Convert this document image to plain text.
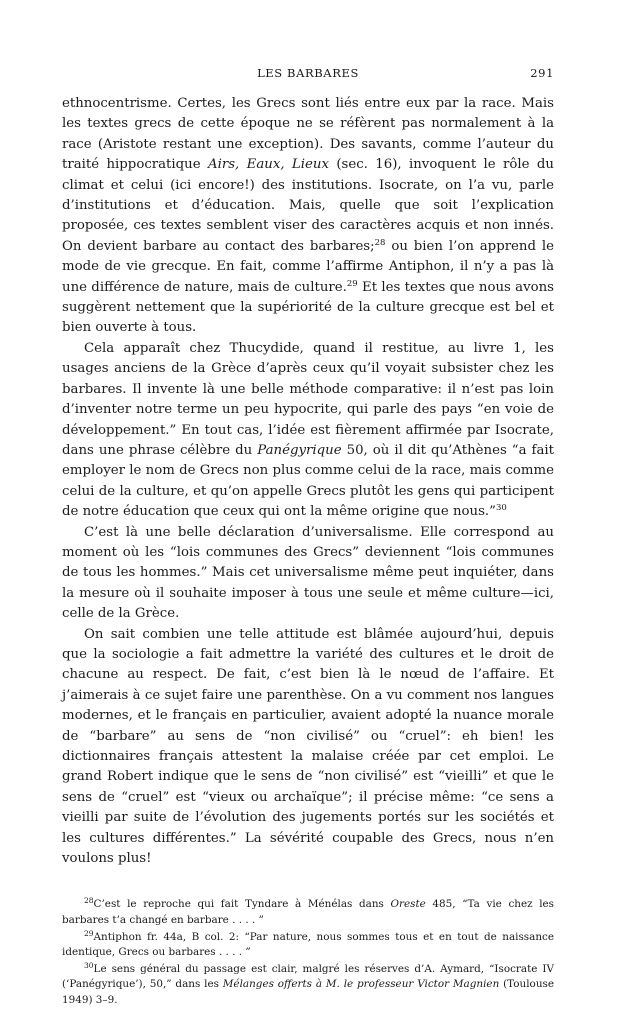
LES BARBARES	291

ethnocentrisme. Certes, les Grecs sont liés entre eux par la race. Mais les textes grecs de cette époque ne se réfèrent pas normalement à la race (Aristote restant une exception). Des savants, comme l’auteur du traité hippocratique Airs, Eaux, Lieux (sec. 16), invoquent le rôle du climat et celui (ici encore!) des institutions. Isocrate, on l’a vu, parle d’institutions et d’éducation. Mais, quelle que soit l’explication proposée, ces textes semblent viser des caractères acquis et non innés. On devient barbare au contact des barbares;$^{28}$ ou bien l’on apprend le mode de vie grecque. En fait, comme l’affirme Antiphon, il n’y a pas là une différence de nature, mais de culture.$^{29}$ Et les textes que nous avons suggèrent nettement que la supériorité de la culture grecque est bel et bien ouverte à tous.

Cela apparaît chez Thucydide, quand il restitue, au livre 1, les usages anciens de la Grèce d’après ceux qu’il voyait subsister chez les barbares. Il invente là une belle méthode comparative: il n’est pas loin d’inventer notre terme un peu hypocrite, qui parle des pays “en voie de développement.” En tout cas, l’idée est fièrement affirmée par Isocrate, dans une phrase célèbre du Panégyrique 50, où il dit qu’Athènes “a fait employer le nom de Grecs non plus comme celui de la race, mais comme celui de la culture, et qu’on appelle Grecs plutôt les gens qui participent de notre éducation que ceux qui ont la même origine que nous.”$^{30}$

C’est là une belle déclaration d’universalisme. Elle correspond au moment où les “lois communes des Grecs” deviennent “lois communes de tous les hommes.” Mais cet universalisme même peut inquiéter, dans la mesure où il souhaite imposer à tous une seule et même culture—ici, celle de la Grèce.

On sait combien une telle attitude est blâmée aujourd’hui, depuis que la sociologie a fait admettre la variété des cultures et le droit de chacune au respect. De fait, c’est bien là le nœud de l’affaire. Et j’aimerais à ce sujet faire une parenthèse. On a vu comment nos langues modernes, et le français en particulier, avaient adopté la nuance morale de “barbare” au sens de “non civilisé” ou “cruel”: eh bien! les dictionnaires français attestent la malaise créée par cet emploi. Le grand Robert indique que le sens de “non civilisé” est “vieilli” et que le sens de “cruel” est “vieux ou archaïque”; il précise même: “ce sens a vieilli par suite de l’évolution des jugements portés sur les sociétés et les cultures différentes.” La sévérité coupable des Grecs, nous n’en voulons plus!

$^{28}$C’est le reproche qui fait Tyndare à Ménélas dans Oreste 485, “Ta vie chez les barbares t’a changé en barbare . . . . ”

$^{29}$Antiphon fr. 44a, B col. 2: “Par nature, nous sommes tous et en tout de naissance identique, Grecs ou barbares . . . . ”

$^{30}$Le sens général du passage est clair, malgré les réserves d’A. Aymard, “Isocrate IV (‘Panégyrique’), 50,” dans les Mélanges offerts à M. le professeur Victor Magnien (Toulouse 1949) 3–9.
